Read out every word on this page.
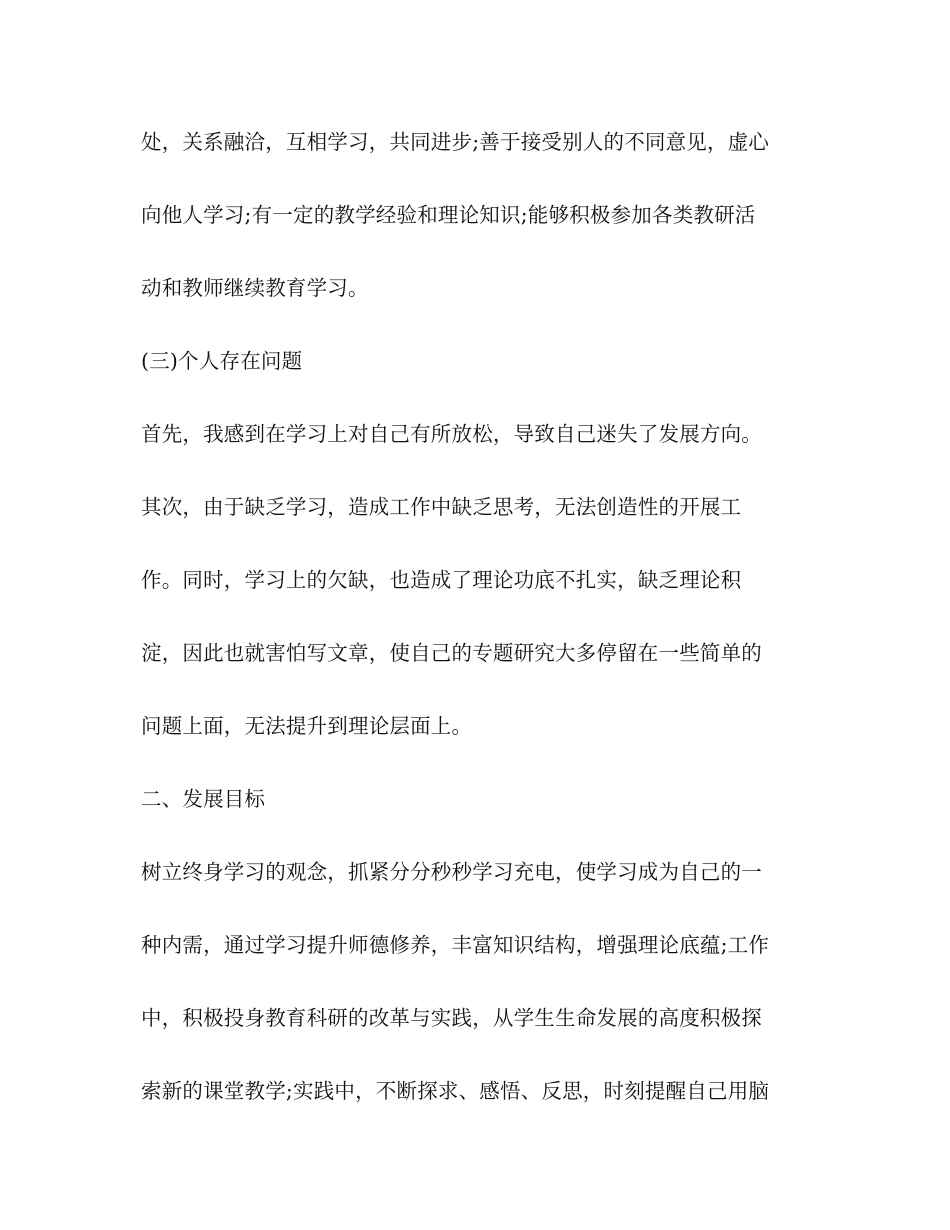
处，关系融洽，互相学习，共同进步;善于接受别人的不同意见，虚心
向他人学习;有一定的教学经验和理论知识;能够积极参加各类教研活
动和教师继续教育学习。
(三)个人存在问题
首先，我感到在学习上对自己有所放松，导致自己迷失了发展方向。
其次，由于缺乏学习，造成工作中缺乏思考，无法创造性的开展工
作。同时，学习上的欠缺，也造成了理论功底不扎实，缺乏理论积
淀，因此也就害怕写文章，使自己的专题研究大多停留在一些简单的
问题上面，无法提升到理论层面上。
二、发展目标
树立终身学习的观念，抓紧分分秒秒学习充电，使学习成为自己的一
种内需，通过学习提升师德修养，丰富知识结构，增强理论底蕴;工作
中，积极投身教育科研的改革与实践，从学生生命发展的高度积极探
索新的课堂教学;实践中，不断探求、感悟、反思，时刻提醒自己用脑
